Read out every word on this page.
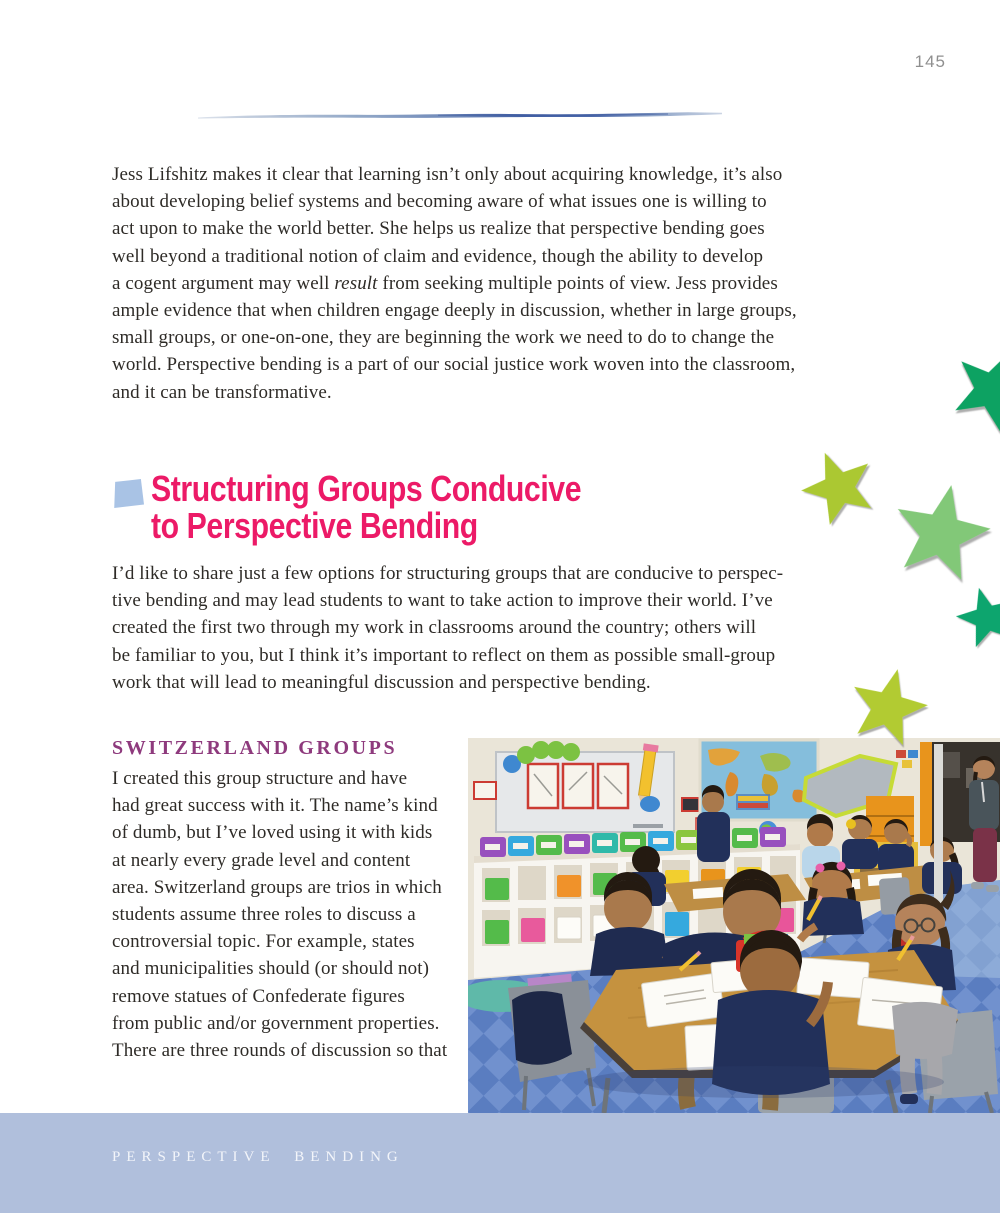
145
Jess Lifshitz makes it clear that learning isn’t only about acquiring knowledge, it’s also
about developing belief systems and becoming aware of what issues one is willing to
act upon to make the world better. She helps us realize that perspective bending goes
well beyond a traditional notion of claim and evidence, though the ability to develop
a cogent argument may well result from seeking multiple points of view. Jess provides
ample evidence that when children engage deeply in discussion, whether in large groups,
small groups, or one-on-one, they are beginning the work we need to do to change the
world. Perspective bending is a part of our social justice work woven into the classroom,
and it can be transformative.
Structuring Groups Conducive
to Perspective Bending
I’d like to share just a few options for structuring groups that are conducive to perspec-
tive bending and may lead students to want to take action to improve their world. I’ve
created the first two through my work in classrooms around the country; others will
be familiar to you, but I think it’s important to reflect on them as possible small-group
work that will lead to meaningful discussion and perspective bending.
SWITZERLAND GROUPS
I created this group structure and have
had great success with it. The name’s kind
of dumb, but I’ve loved using it with kids
at nearly every grade level and content
area. Switzerland groups are trios in which
students assume three roles to discuss a
controversial topic. For example, states
and municipalities should (or should not)
remove statues of Confederate figures
from public and/or government properties.
There are three rounds of discussion so that
PERSPECTIVE BENDING
